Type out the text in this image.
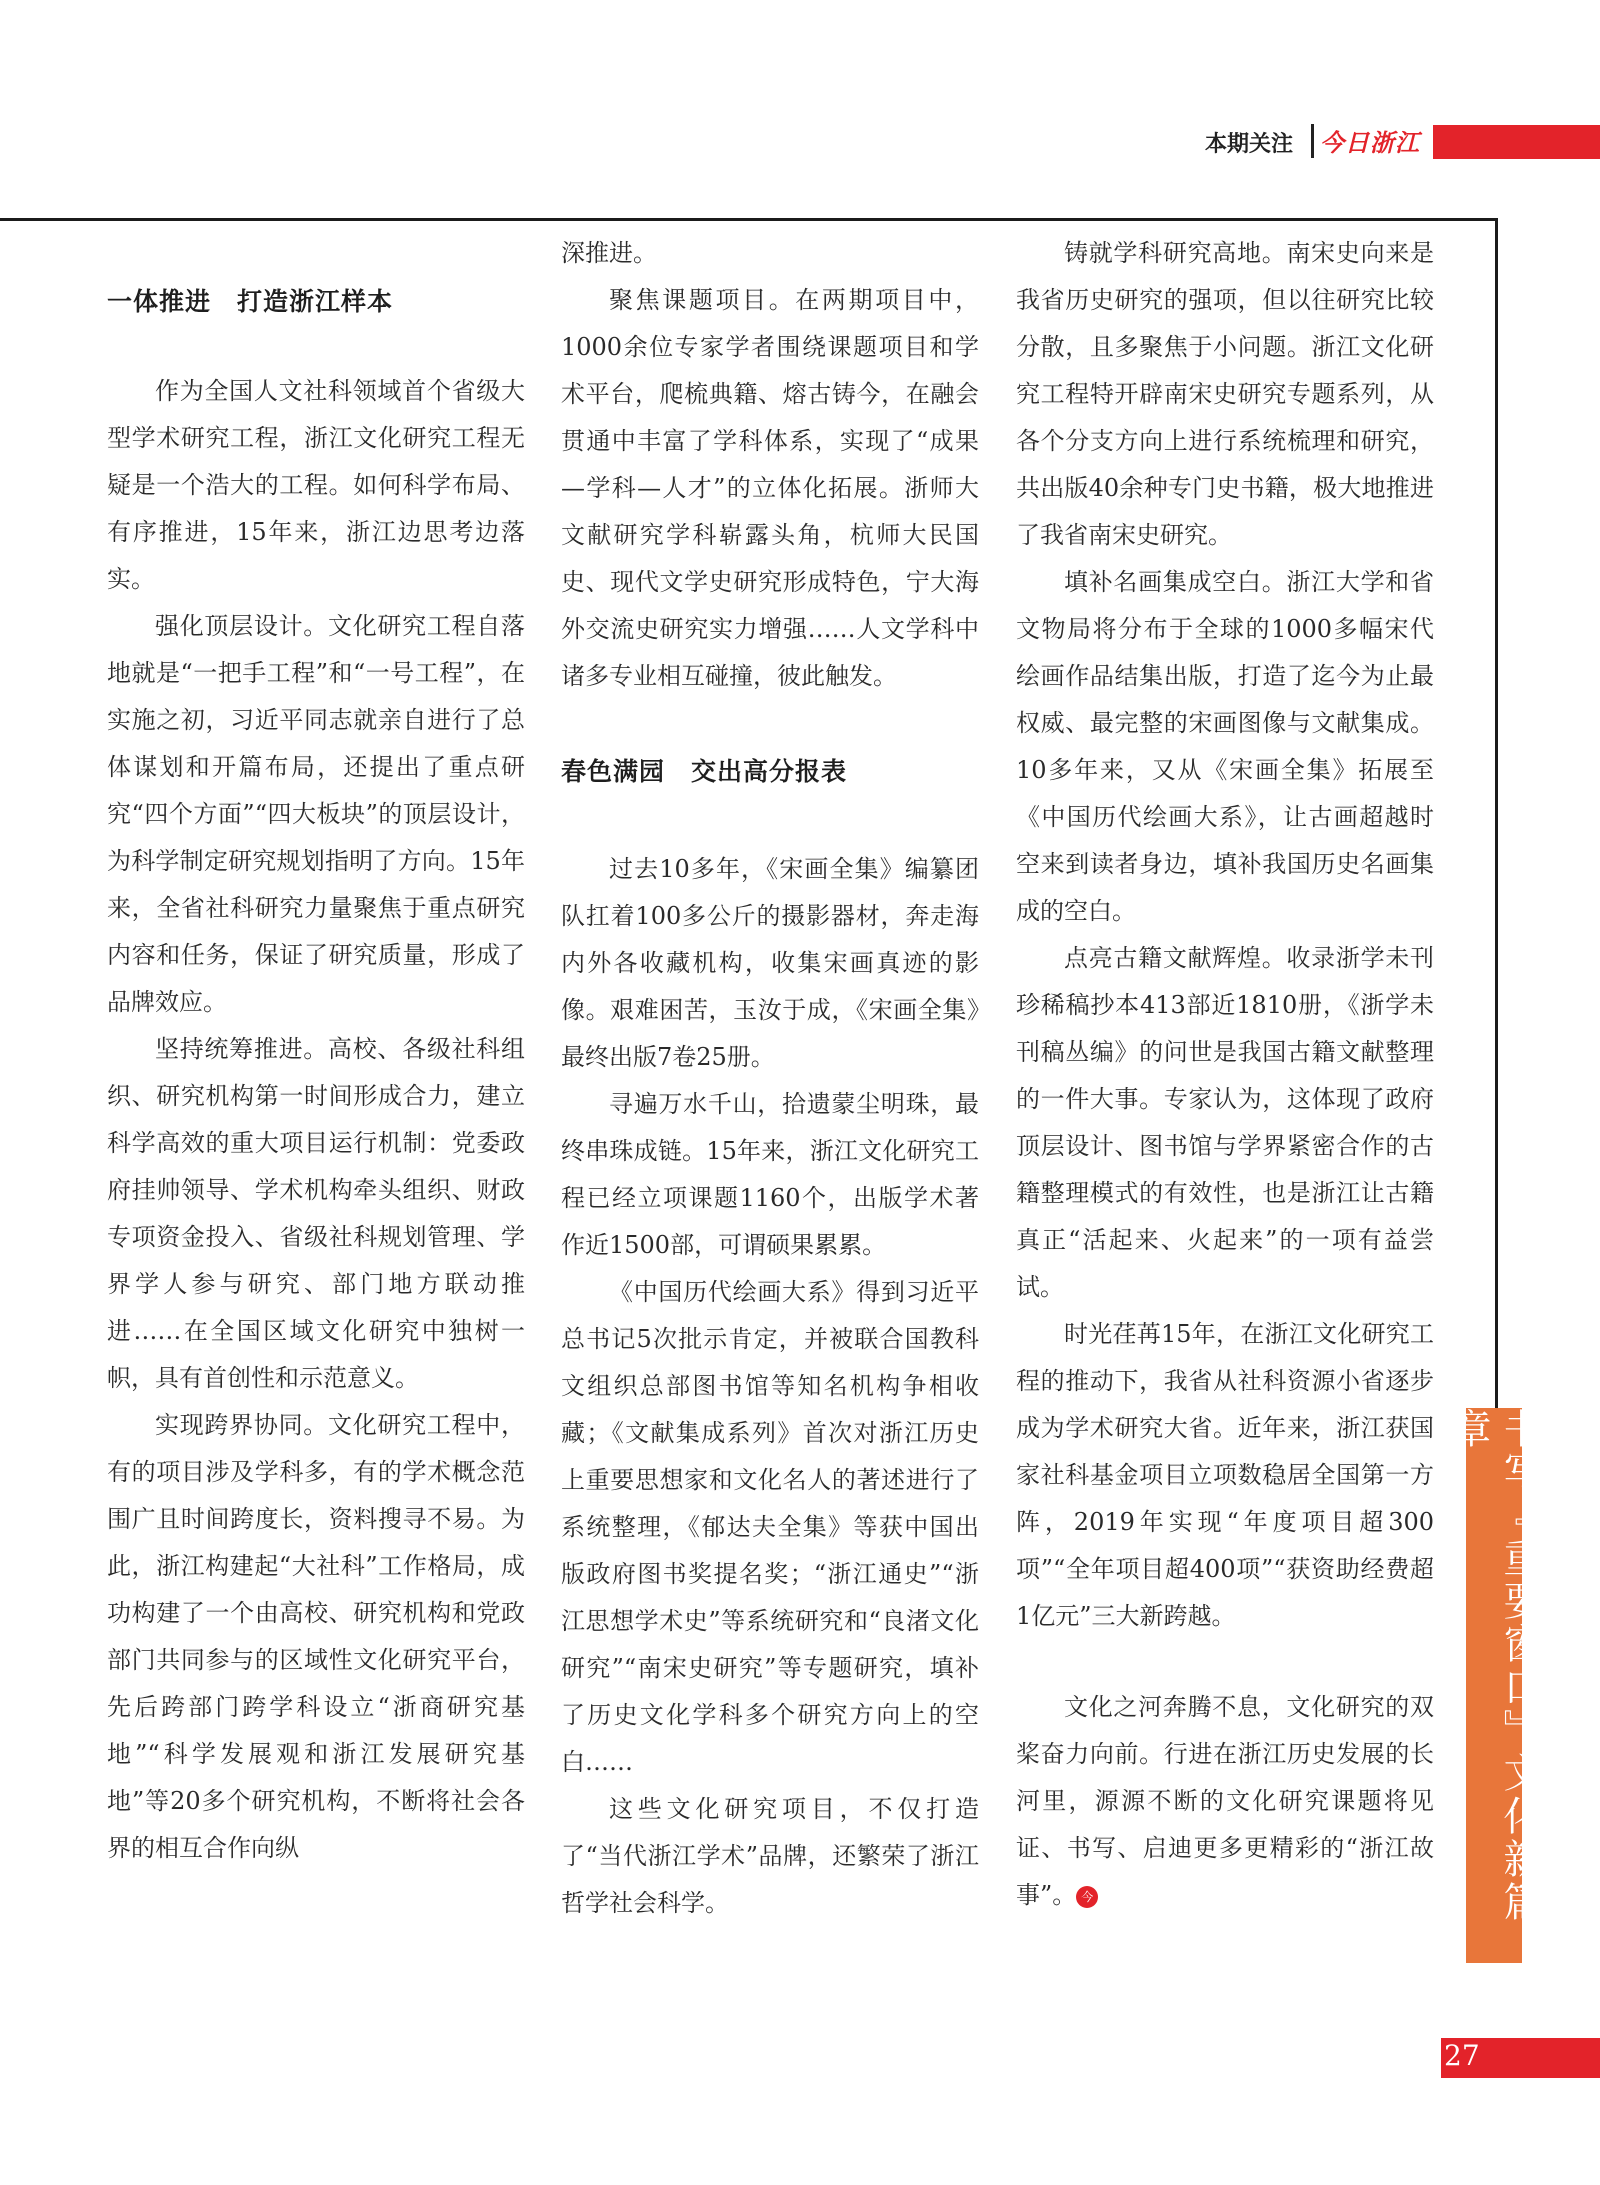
本期关注 今日浙江
书写『重要窗口』文化新篇章
一体推进　打造浙江样本

作为全国人文社科领域首个省级大型学术研究工程，浙江文化研究工程无疑是一个浩大的工程。如何科学布局、有序推进，15年来，浙江边思考边落实。

强化顶层设计。文化研究工程自落地就是“一把手工程”和“一号工程”，在实施之初，习近平同志就亲自进行了总体谋划和开篇布局，还提出了重点研究“四个方面”“四大板块”的顶层设计，为科学制定研究规划指明了方向。15年来，全省社科研究力量聚焦于重点研究内容和任务，保证了研究质量，形成了品牌效应。

坚持统筹推进。高校、各级社科组织、研究机构第一时间形成合力，建立科学高效的重大项目运行机制：党委政府挂帅领导、学术机构牵头组织、财政专项资金投入、省级社科规划管理、学界学人参与研究、部门地方联动推进……在全国区域文化研究中独树一帜，具有首创性和示范意义。

实现跨界协同。文化研究工程中，有的项目涉及学科多，有的学术概念范围广且时间跨度长，资料搜寻不易。为此，浙江构建起“大社科”工作格局，成功构建了一个由高校、研究机构和党政部门共同参与的区域性文化研究平台，先后跨部门跨学科设立“浙商研究基地”“科学发展观和浙江发展研究基地”等20多个研究机构，不断将社会各界的相互合作向纵

深推进。

聚焦课题项目。在两期项目中，1000余位专家学者围绕课题项目和学术平台，爬梳典籍、熔古铸今，在融会贯通中丰富了学科体系，实现了“成果—学科—人才”的立体化拓展。浙师大文献研究学科崭露头角，杭师大民国史、现代文学史研究形成特色，宁大海外交流史研究实力增强……人文学科中诸多专业相互碰撞，彼此触发。

春色满园　交出高分报表

过去10多年，《宋画全集》编纂团队扛着100多公斤的摄影器材，奔走海内外各收藏机构，收集宋画真迹的影像。艰难困苦，玉汝于成，《宋画全集》最终出版7卷25册。

寻遍万水千山，拾遗蒙尘明珠，最终串珠成链。15年来，浙江文化研究工程已经立项课题1160个，出版学术著作近1500部，可谓硕果累累。

《中国历代绘画大系》得到习近平总书记5次批示肯定，并被联合国教科文组织总部图书馆等知名机构争相收藏；《文献集成系列》首次对浙江历史上重要思想家和文化名人的著述进行了系统整理，《郁达夫全集》等获中国出版政府图书奖提名奖；“浙江通史”“浙江思想学术史”等系统研究和“良渚文化研究”“南宋史研究”等专题研究，填补了历史文化学科多个研究方向上的空白……

这些文化研究项目，不仅打造了“当代浙江学术”品牌，还繁荣了浙江哲学社会科学。

铸就学科研究高地。南宋史向来是我省历史研究的强项，但以往研究比较分散，且多聚焦于小问题。浙江文化研究工程特开辟南宋史研究专题系列，从各个分支方向上进行系统梳理和研究，共出版40余种专门史书籍，极大地推进了我省南宋史研究。

填补名画集成空白。浙江大学和省文物局将分布于全球的1000多幅宋代绘画作品结集出版，打造了迄今为止最权威、最完整的宋画图像与文献集成。10多年来，又从《宋画全集》拓展至《中国历代绘画大系》，让古画超越时空来到读者身边，填补我国历史名画集成的空白。

点亮古籍文献辉煌。收录浙学未刊珍稀稿抄本413部近1810册，《浙学未刊稿丛编》的问世是我国古籍文献整理的一件大事。专家认为，这体现了政府顶层设计、图书馆与学界紧密合作的古籍整理模式的有效性，也是浙江让古籍真正“活起来、火起来”的一项有益尝试。

时光荏苒15年，在浙江文化研究工程的推动下，我省从社科资源小省逐步成为学术研究大省。近年来，浙江获国家社科基金项目立项数稳居全国第一方阵，2019年实现“年度项目超300项”“全年项目超400项”“获资助经费超1亿元”三大新跨越。

文化之河奔腾不息，文化研究的双桨奋力向前。行进在浙江历史发展的长河里，源源不断的文化研究课题将见证、书写、启迪更多更精彩的“浙江故事”。 今

27
